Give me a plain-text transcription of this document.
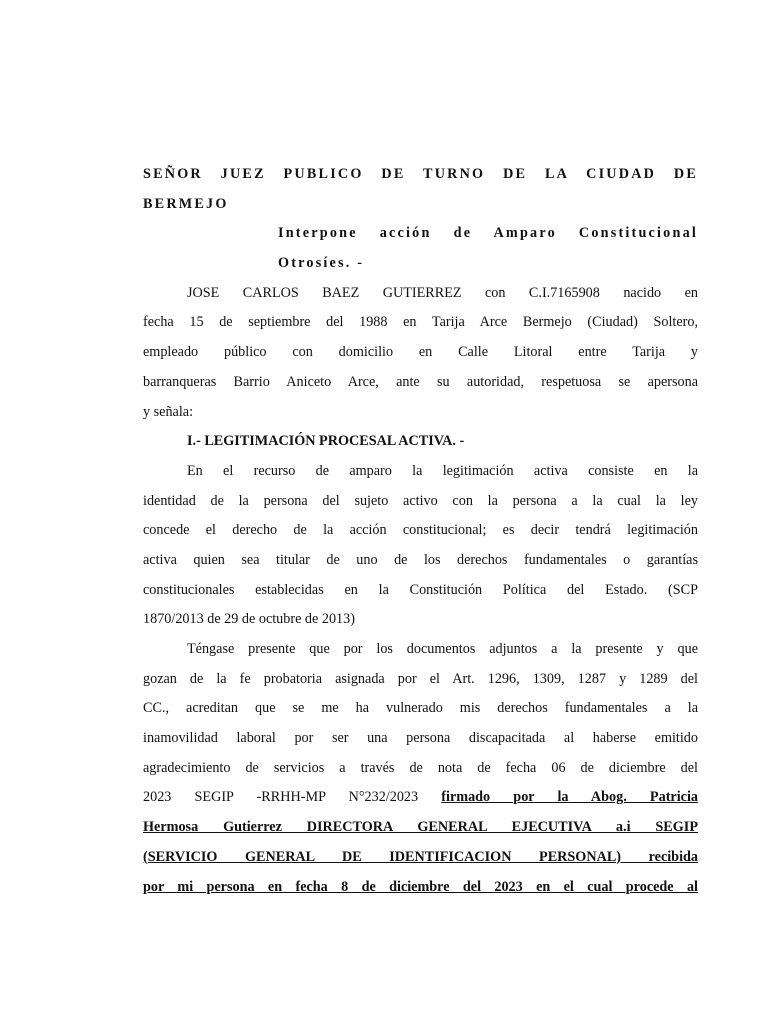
SEÑOR JUEZ PUBLICO DE TURNO DE LA CIUDAD DE
BERMEJO
Interpone acción de Amparo Constitucional
Otrosíes. -
JOSE CARLOS BAEZ GUTIERREZ con C.I.7165908 nacido en
fecha 15 de septiembre del 1988 en Tarija Arce Bermejo (Ciudad) Soltero,
empleado público con domicilio en Calle Litoral entre Tarija y
barranqueras Barrio Aniceto Arce, ante su autoridad, respetuosa se apersona
y señala:
I.- LEGITIMACIÓN PROCESAL ACTIVA. -
En el recurso de amparo la legitimación activa consiste en la
identidad de la persona del sujeto activo con la persona a la cual la ley
concede el derecho de la acción constitucional; es decir tendrá legitimación
activa quien sea titular de uno de los derechos fundamentales o garantías
constitucionales establecidas en la Constitución Política del Estado. (SCP
1870/2013 de 29 de octubre de 2013)
Téngase presente que por los documentos adjuntos a la presente y que
gozan de la fe probatoria asignada por el Art. 1296, 1309, 1287 y 1289 del
CC., acreditan que se me ha vulnerado mis derechos fundamentales a la
inamovilidad laboral por ser una persona discapacitada al haberse emitido
agradecimiento de servicios a través de nota de fecha 06 de diciembre del
2023 SEGIP -RRHH-MP N°232/2023 firmado por la Abog. Patricia
Hermosa Gutierrez DIRECTORA GENERAL EJECUTIVA a.i SEGIP
(SERVICIO GENERAL DE IDENTIFICACION PERSONAL) recibida
por mi persona en fecha 8 de diciembre del 2023 en el cual procede al
